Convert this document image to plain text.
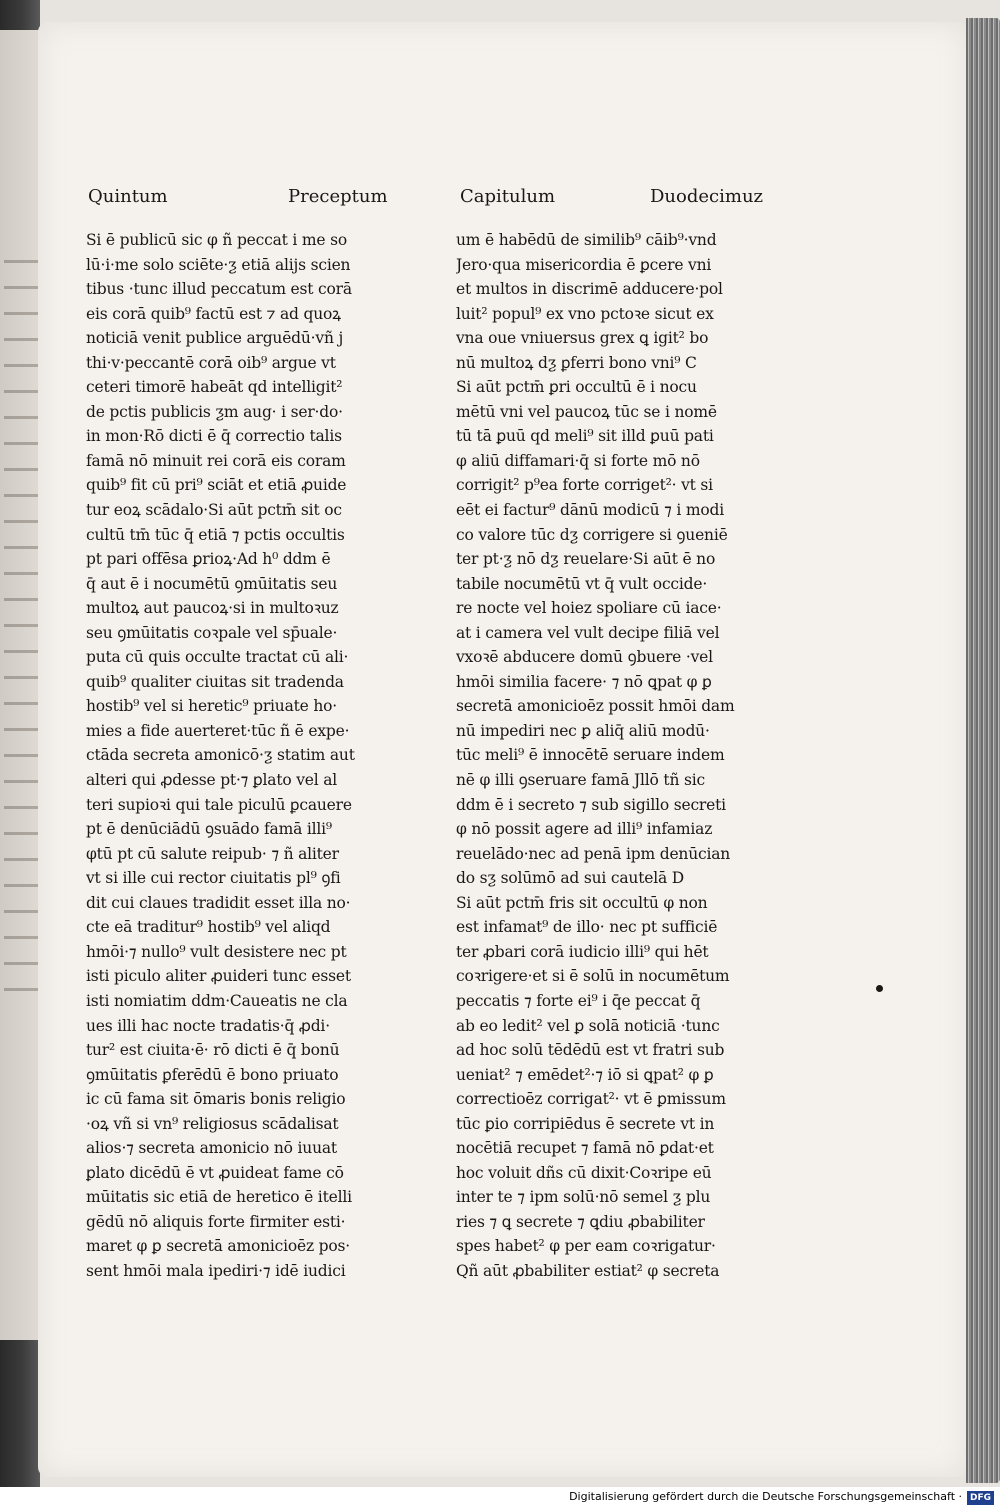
Quintum	Preceptum	Capitulum	Duodecimuz
Si ē publicū sic φ ñ peccat i me so
lū·i·me solo sciēte·ƺ etiā alijs scien
tibus ·tunc illud peccatum est corā
eis corā quib⁹ factū est ⁊ ad quoꝝ
noticiā venit publice arguēdū·vñ j
thi·v·peccantē corā oib⁹ argue vt
ceteri timorē habeāt qd intelligit²
de pctis publicis ƺm aug· i ser·do·
in mon·Rō dicti ē q̄ correctio talis
famā nō minuit rei corā eis coram
quib⁹ fit cū pri⁹ sciāt et etiā ꝓuide
tur eoꝝ scādalo·Si aūt pctm̄ sit oc
cultū tm̄ tūc q̄ etiā ⁊ pctis occultis
pt pari offēsa ꝑrioꝝ·Ad h⁰ ddm ē
q̄ aut ē i nocumētū ꝯmūitatis seu
multoꝝ aut paucoꝝ·si in multoꝛuz
seu ꝯmūitatis coꝛpale vel sp̄uale·
puta cū quis occulte tractat cū ali·
quib⁹ qualiter ciuitas sit tradenda
hostib⁹ vel si heretic⁹ priuate ho·
mies a fide auerteret·tūc ñ ē expe·
ctāda secreta amonicō·ƺ statim aut
alteri qui ꝓdesse pt·⁊ ꝑlato vel al
teri supioꝛi qui tale piculū ꝑcauere
pt ē denūciādū ꝯsuādo famā illi⁹
φtū pt cū salute reipub· ⁊ ñ aliter
vt si ille cui rector ciuitatis pl⁹ ꝯfi
dit cui claues tradidit esset illa no·
cte eā traditur⁹ hostib⁹ vel aliqd
hmōi·⁊ nullo⁹ vult desistere nec pt
isti piculo aliter ꝓuideri tunc esset
isti nomiatim ddm·Caueatis ne cla
ues illi hac nocte tradatis·q̄ ꝓdi·
tur² est ciuita·ē· rō dicti ē q̄ bonū
ꝯmūitatis ꝑferēdū ē bono priuato
ic cū fama sit ōmaris bonis religio
·oꝝ vñ si vn⁹ religiosus scādalisat
alios·⁊ secreta amonicio nō iuuat
ꝑlato dicēdū ē vt ꝓuideat fame cō
mūitatis sic etiā de heretico ē itelli
gēdū nō aliquis forte firmiter esti·
maret φ ꝑ secretā amonicioēz pos·
sent hmōi mala ipediri·⁊ idē iudici
um ē habēdū de similib⁹ cāib⁹·vnd
Jero·qua misericordia ē ꝑcere vni
et multos in discrimē adducere·pol
luit² popul⁹ ex vno pctoꝛe sicut ex
vna oue vniuersus grex ꝗ igit² bo
nū multoꝝ dƺ ꝑferri bono vni⁹ C
Si aūt pctm̄ ꝑri occultū ē i nocu
mētū vni vel paucoꝝ tūc se i nomē
tū tā ꝑuū qd meli⁹ sit illd ꝑuū pati
φ aliū diffamari·q̄ si forte mō nō
corrigit² p⁹ea forte corriget²· vt si
eēt ei factur⁹ dānū modicū ⁊ i modi
co valore tūc dƺ corrigere si ꝯueniē
ter pt·ƺ nō dƺ reuelare·Si aūt ē no
tabile nocumētū vt q̄ vult occide·
re nocte vel hoiez spoliare cū iace·
at i camera vel vult decipe filiā vel
vxoꝛē abducere domū ꝯbuere ·vel
hmōi similia facere· ⁊ nō ꝗpat φ ꝑ
secretā amonicioēz possit hmōi dam
nū impediri nec ꝑ aliq̄ aliū modū·
tūc meli⁹ ē innocētē seruare indem
nē φ illi ꝯseruare famā Jllō tñ sic
ddm ē i secreto ⁊ sub sigillo secreti
φ nō possit agere ad illi⁹ infamiaz
reuelādo·nec ad penā ipm denūcian
do sƺ solūmō ad sui cautelā D
Si aūt pctm̄ fris sit occultū φ non
est infamat⁹ de illo· nec pt sufficiē
ter ꝓbari corā iudicio illi⁹ qui hēt
coꝛrigere·et si ē solū in nocumētum
peccatis ⁊ forte ei⁹ i q̄e peccat q̄
ab eo ledit² vel ꝑ solā noticiā ·tunc
ad hoc solū tēdēdū est vt fratri sub
ueniat² ⁊ emēdet²·⁊ iō si ꝗpat² φ ꝑ
correctioēz corrigat²· vt ē ꝑmissum
tūc ꝑio corripiēdus ē secrete vt in
nocētiā recupet ⁊ famā nō ꝑdat·et
hoc voluit dñs cū dixit·Coꝛripe eū
inter te ⁊ ipm solū·nō semel ƺ plu
ries ⁊ ꝗ secrete ⁊ ꝗdiu ꝓbabiliter
spes habet² φ per eam coꝛrigatur·
Qñ aūt ꝓbabiliter estiat² φ secreta
Digitalisierung gefördert durch die Deutsche Forschungsgemeinschaft · DFG
